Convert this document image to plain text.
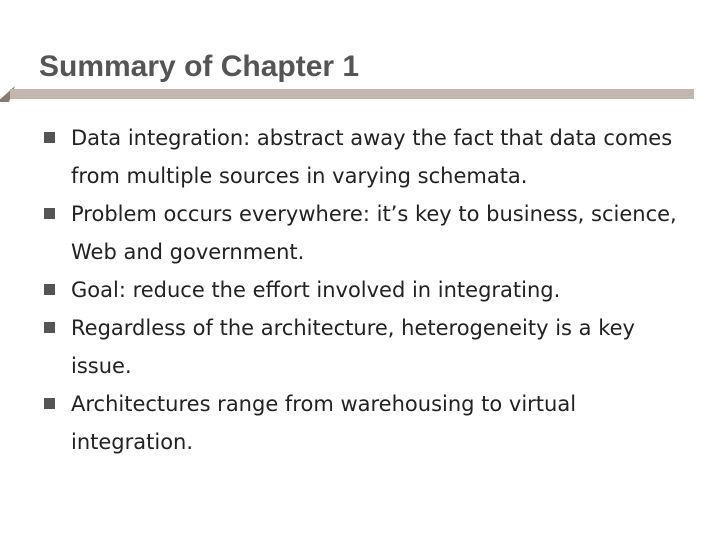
Summary of Chapter 1
Data integration: abstract away the fact that data comes from multiple sources in varying schemata.
Problem occurs everywhere: it’s key to business, science, Web and government.
Goal: reduce the effort involved in integrating.
Regardless of the architecture, heterogeneity is a key issue.
Architectures range from warehousing to virtual integration.
